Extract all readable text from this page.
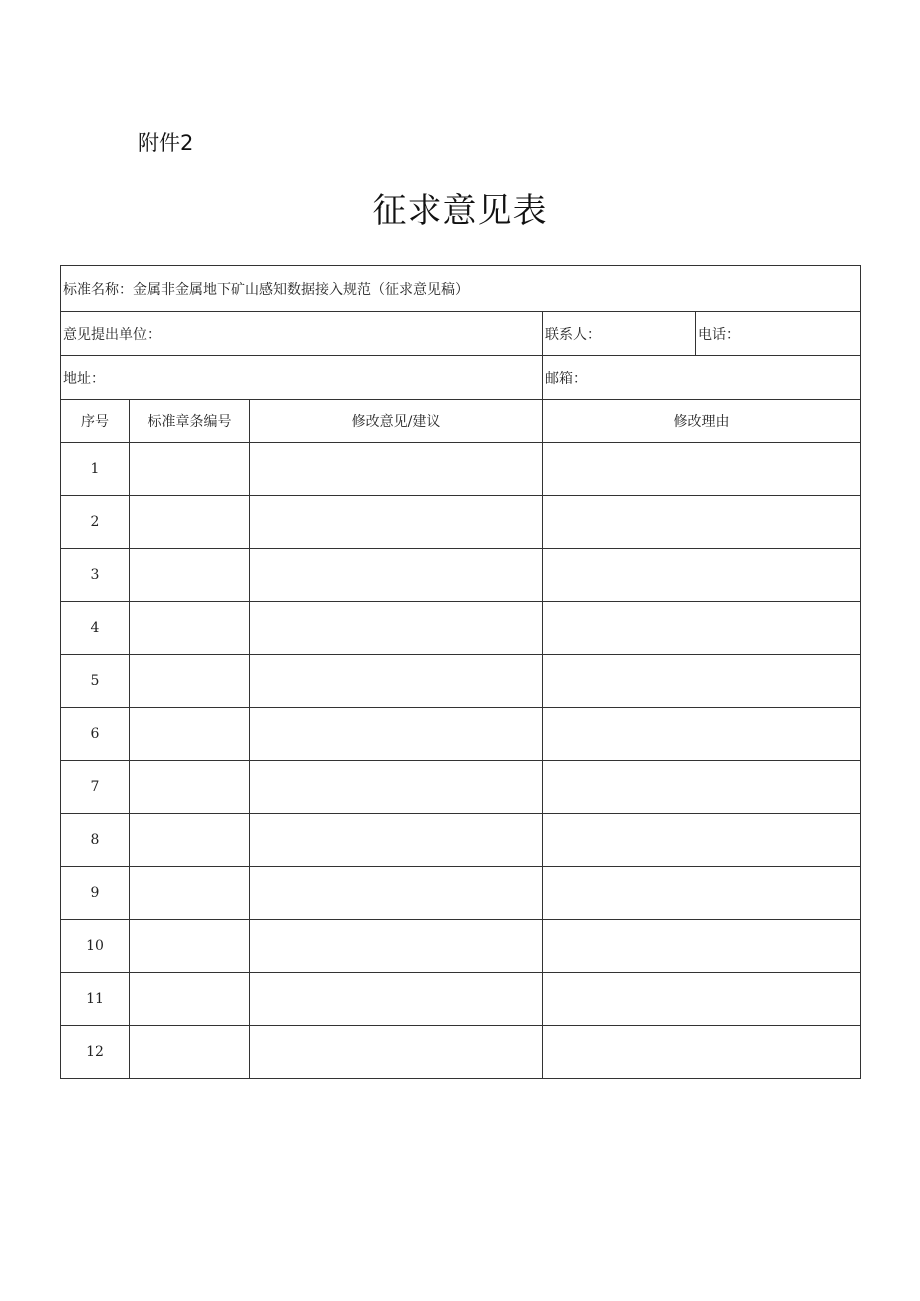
附件2
征求意见表
标准名称：金属非金属地下矿山感知数据接入规范（征求意见稿）				
意见提出单位：			联系人：	电话：
地址：			邮箱：	
序号	标准章条编号	修改意见/建议	修改理由	
1				
2				
3				
4				
5				
6				
7				
8				
9				
10				
11				
12				
